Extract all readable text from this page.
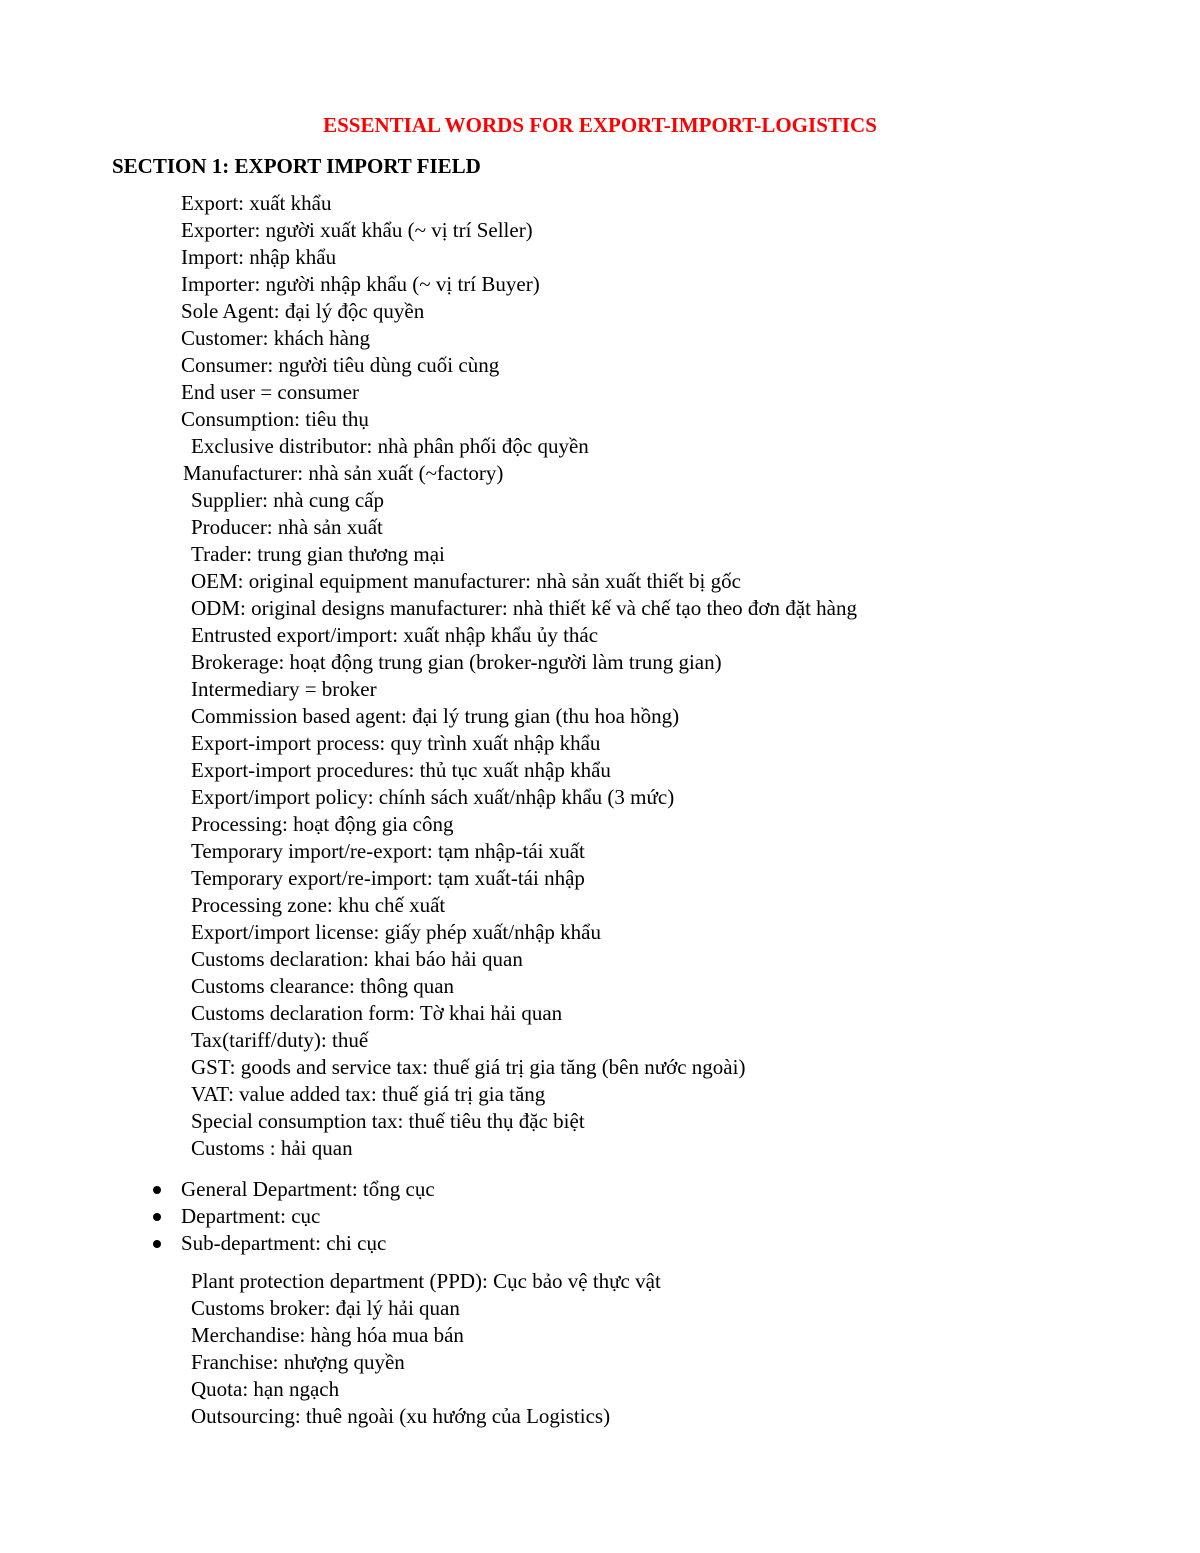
ESSENTIAL WORDS FOR EXPORT-IMPORT-LOGISTICS
SECTION 1: EXPORT IMPORT FIELD
Export: xuất khẩu
Exporter: người xuất khẩu (~ vị trí Seller)
Import: nhập khẩu
Importer: người nhập khẩu (~ vị trí Buyer)
Sole Agent: đại lý độc quyền
Customer: khách hàng
Consumer: người tiêu dùng cuối cùng
End user = consumer
Consumption: tiêu thụ
Exclusive distributor: nhà phân phối độc quyền
Manufacturer: nhà sản xuất (~factory)
Supplier: nhà cung cấp
Producer: nhà sản xuất
Trader: trung gian thương mại
OEM: original equipment manufacturer: nhà sản xuất thiết bị gốc
ODM: original designs manufacturer: nhà thiết kế và chế tạo theo đơn đặt hàng
Entrusted export/import: xuất nhập khẩu ủy thác
Brokerage: hoạt động trung gian (broker-người làm trung gian)
Intermediary = broker
Commission based agent: đại lý trung gian (thu hoa hồng)
Export-import process: quy trình xuất nhập khẩu
Export-import procedures: thủ tục xuất nhập khẩu
Export/import policy: chính sách xuất/nhập khẩu (3 mức)
Processing: hoạt động gia công
Temporary import/re-export: tạm nhập-tái xuất
Temporary export/re-import: tạm xuất-tái nhập
Processing zone: khu chế xuất
Export/import license: giấy phép xuất/nhập khẩu
Customs declaration: khai báo hải quan
Customs clearance: thông quan
Customs declaration form: Tờ khai hải quan
Tax(tariff/duty): thuế
GST: goods and service tax: thuế giá trị gia tăng (bên nước ngoài)
VAT: value added tax: thuế giá trị gia tăng
Special consumption tax: thuế tiêu thụ đặc biệt
Customs : hải quan
General Department: tổng cục
Department: cục
Sub-department: chi cục
Plant protection department (PPD): Cục bảo vệ thực vật
Customs broker: đại lý hải quan
Merchandise: hàng hóa mua bán
Franchise: nhượng quyền
Quota: hạn ngạch
Outsourcing: thuê ngoài (xu hướng của Logistics)
